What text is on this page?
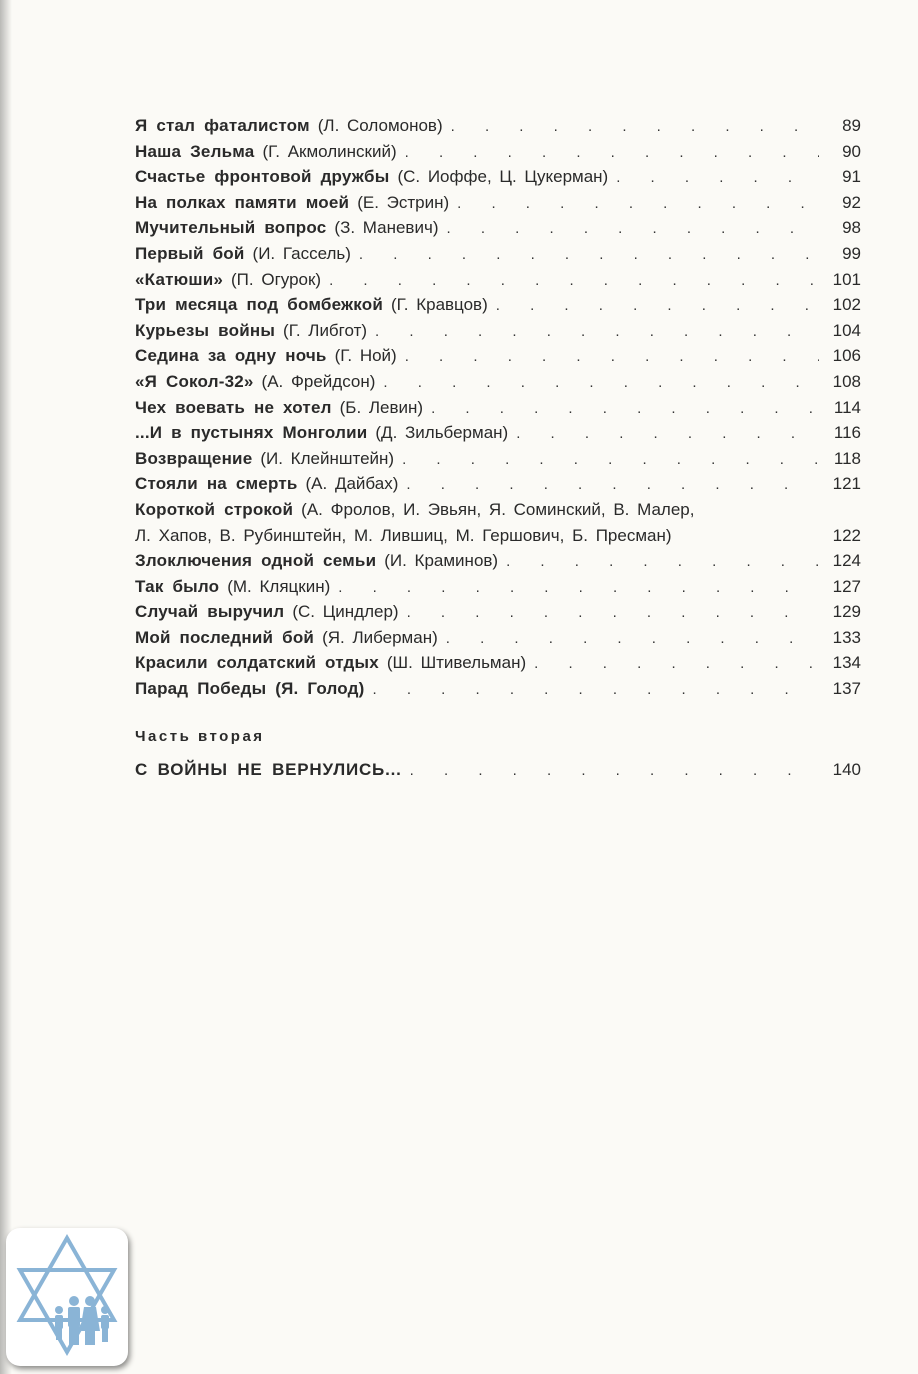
Я стал фаталистом (Л. Соломонов) . . .	89
Наша Зельма (Г. Акмолинский) . . .	90
Счастье фронтовой дружбы (С. Иоффе, Ц. Цукерман) . . .	91
На полках памяти моей (Е. Эстрин) . . .	92
Мучительный вопрос (З. Маневич) . . .	98
Первый бой (И. Гассель) . . .	99
«Катюши» (П. Огурок) . . .	101
Три месяца под бомбежкой (Г. Кравцов) . . .	102
Курьезы войны (Г. Либгот) . . .	104
Седина за одну ночь (Г. Ной) . . .	106
«Я Сокол-32» (А. Фрейдсон) . . .	108
Чех воевать не хотел (Б. Левин) . . .	114
...И в пустынях Монголии (Д. Зильберман) . . .	116
Возвращение (И. Клейнштейн) . . .	118
Стояли на смерть (А. Дайбах) . . .	121
Короткой строкой (А. Фролов, И. Эвьян, Я. Соминский, В. Малер,
Л. Хапов, В. Рубинштейн, М. Лившиц, М. Гершович, Б. Пресман)	122
Злоключения одной семьи (И. Краминов) . . .	124
Так было (М. Кляцкин) . . .	127
Случай выручил (С. Циндлер) . . .	129
Мой последний бой (Я. Либерман) . . .	133
Красили солдатский отдых (Ш. Штивельман) . . .	134
Парад Победы (Я. Голод) . . .	137
Часть вторая
С ВОЙНЫ НЕ ВЕРНУЛИСЬ... . . .	140
